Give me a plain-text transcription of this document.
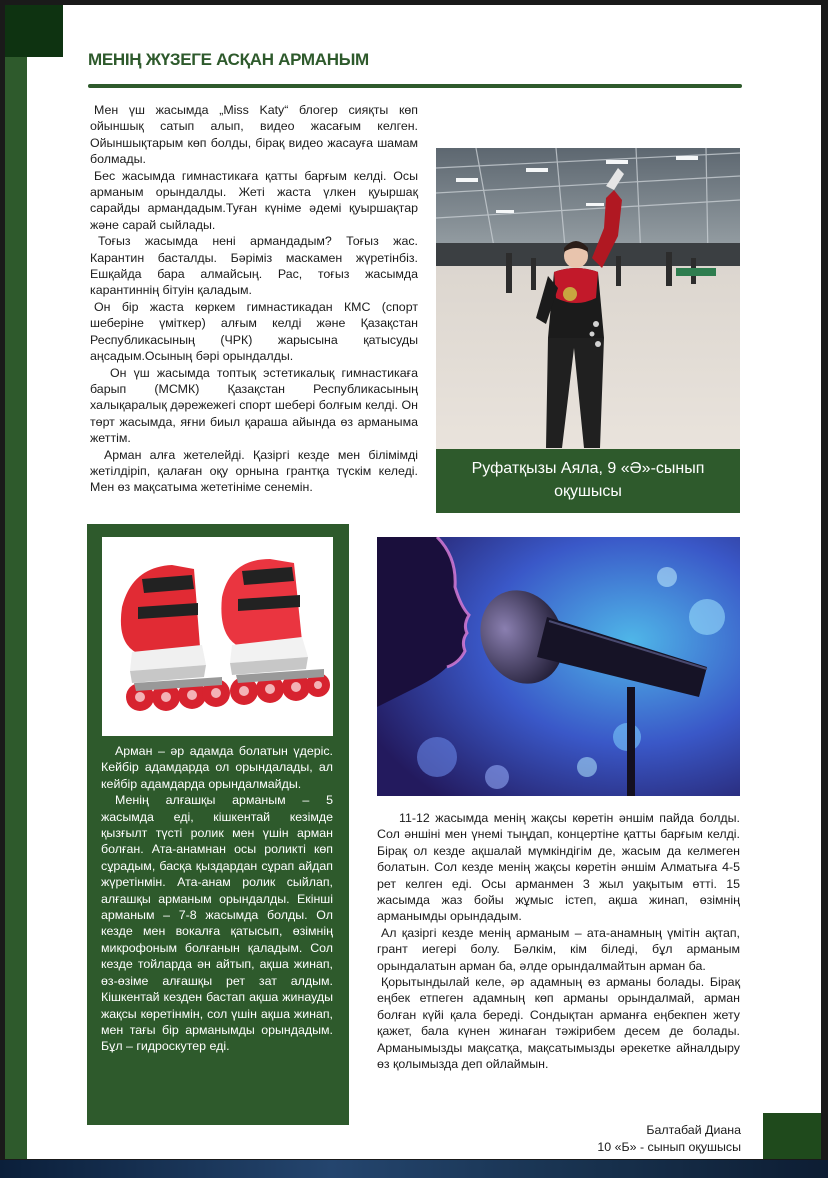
МЕНІҢ ЖҮЗЕГЕ АСҚАН АРМАНЫМ

Мен үш жасымда „Miss Katy“ блогер сияқты көп ойыншық сатып алып, видео жасағым келген. Ойыншықтарым көп болды, бірақ видео жасауға шамам болмады.

Бес жасымда гимнастикаға қатты барғым келді. Осы арманым орындалды. Жеті жаста үлкен қуыршақ сарайды армандадым.Туған күніме әдемі қуыршақтар және сарай сыйлады.

Тоғыз жасымда нені армандадым? Тоғыз жас. Карантин басталды. Бәріміз маскамен жүретінбіз. Ешқайда бара алмайсың. Рас, тоғыз жасымда карантиннің бітуін қаладым.

Он бір жаста көркем гимнастикадан КМС (спорт шеберіне үміткер) алғым келді және Қазақстан Республикасының (ЧРК) жарысына қатысуды аңсадым.Осының бәрі орындалды.

Он үш жасымда топтық эстетикалық гимнастикаға барып (МСМК) Қазақстан Республикасының халықаралық дәрежежегі спорт шебері болғым келді. Он төрт жасымда, яғни биыл қараша айында өз арманыма жеттім.

Арман алға жетелейді. Қазіргі кезде мен білімімді жетілдіріп, қалаған оқу орнына грантқа түскім келеді. Мен өз мақсатыма жететініме сенемін.

Руфатқызы Аяла, 9 «Ә»-сынып оқушысы

Арман – әр адамда болатын үдеріс. Кейбір адамдарда ол орындалады, ал кейбір адамдарда орындалмайды.

Менің алғашқы арманым – 5 жасымда еді, кішкентай кезімде қызғылт түсті ролик мен үшін арман болған. Ата-анамнан осы роликті көп сұрадым, басқа қыздардан сұрап айдап жүретінмін. Ата-анам ролик сыйлап, алғашқы арманым орындалды. Екінші арманым – 7-8 жасымда болды. Ол кезде мен вокалға қатысып, өзімнің микрофоным болғанын қаладым. Сол кезде тойларда ән айтып, ақша жинап, өз-өзіме алғашқы рет зат алдым. Кішкентай кезден бастап ақша жинауды жақсы көретінмін, сол үшін ақша жинап, мен тағы бір арманымды орындадым. Бұл – гидроскутер еді.

11-12 жасымда менің жақсы көретін әншім пайда болды. Сол әншіні мен үнемі тыңдап, концертіне қатты барғым келді. Бірақ ол кезде ақшалай мүмкіндігім де, жасым да келмеген болатын. Сол кезде менің жақсы көретін әншім Алматыға 4-5 рет келген еді. Осы арманмен 3 жыл уақытым өтті. 15 жасымда жаз бойы жұмыс істеп, ақша жинап, өзімнің арманымды орындадым.

Ал қазіргі кезде менің арманым – ата-анамның үмітін ақтап, грант иегері болу. Бәлкім, кім біледі, бұл арманым орындалатын арман ба, әлде орындалмайтын арман ба.

Қорытындылай келе, әр адамның өз арманы болады. Бірақ еңбек етпеген адамның көп арманы орындалмай, арман болған күйі қала береді. Сондықтан арманға еңбекпен жету қажет, бала күнен жинаған тәжірибем десем де болады. Арманымызды мақсатқа, мақсатымызды әрекетке айналдыру өз қолымызда деп ойлаймын.

Балтабай Диана
10 «Б» - сынып оқушысы
